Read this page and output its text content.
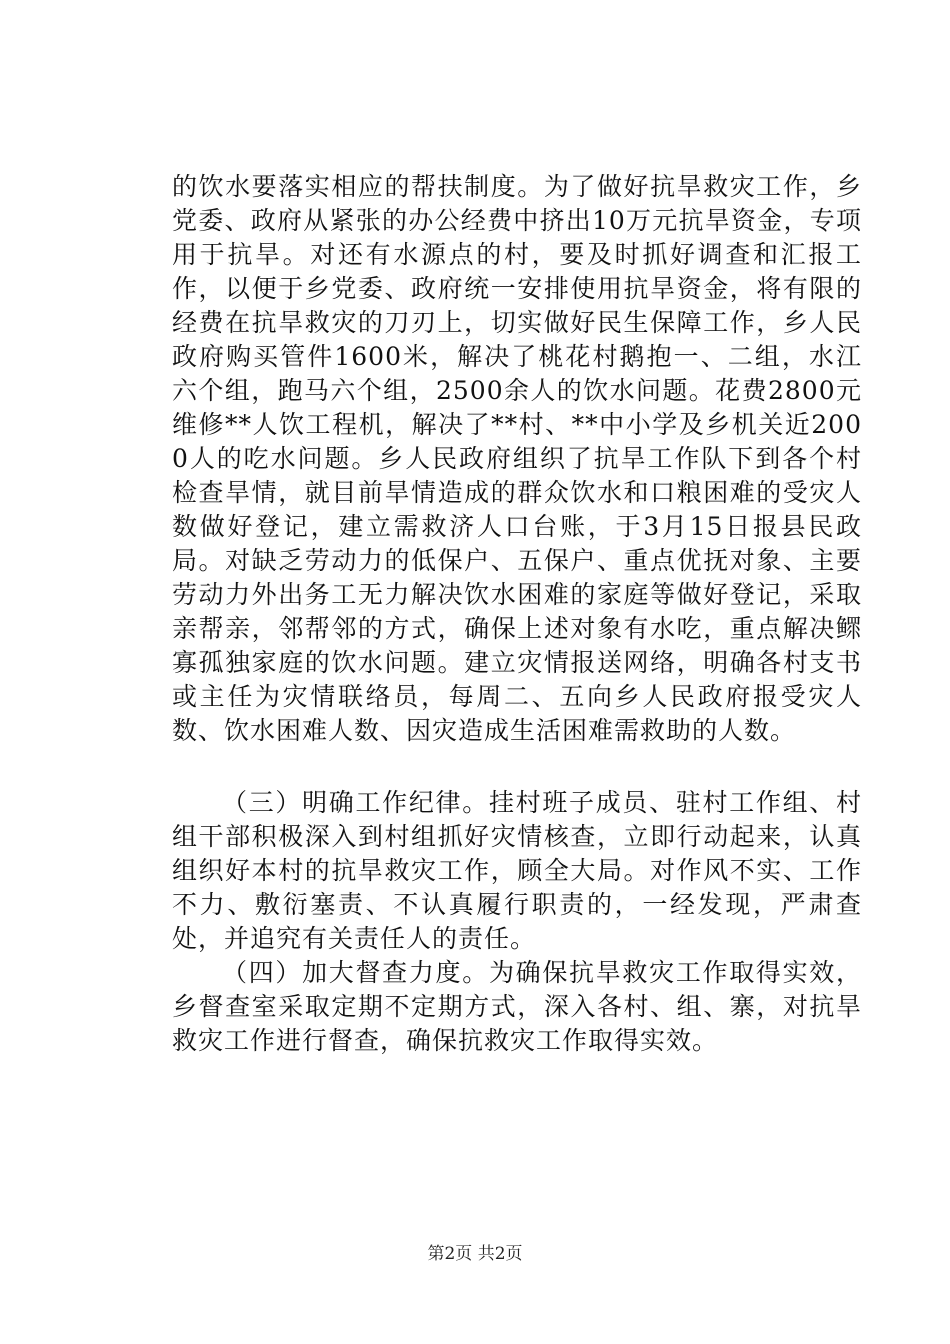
的饮水要落实相应的帮扶制度。为了做好抗旱救灾工作，乡党委、政府从紧张的办公经费中挤出10万元抗旱资金，专项用于抗旱。对还有水源点的村，要及时抓好调查和汇报工作，以便于乡党委、政府统一安排使用抗旱资金，将有限的经费在抗旱救灾的刀刃上，切实做好民生保障工作，乡人民政府购买管件1600米，解决了桃花村鹅抱一、二组，水江六个组，跑马六个组，2500余人的饮水问题。花费2800元维修**人饮工程机，解决了**村、**中小学及乡机关近2000人的吃水问题。乡人民政府组织了抗旱工作队下到各个村检查旱情，就目前旱情造成的群众饮水和口粮困难的受灾人数做好登记，建立需救济人口台账，于3月15日报县民政局。对缺乏劳动力的低保户、五保户、重点优抚对象、主要劳动力外出务工无力解决饮水困难的家庭等做好登记，采取亲帮亲，邻帮邻的方式，确保上述对象有水吃，重点解决鳏寡孤独家庭的饮水问题。建立灾情报送网络，明确各村支书或主任为灾情联络员，每周二、五向乡人民政府报受灾人数、饮水困难人数、因灾造成生活困难需救助的人数。

（三）明确工作纪律。挂村班子成员、驻村工作组、村组干部积极深入到村组抓好灾情核查，立即行动起来，认真组织好本村的抗旱救灾工作，顾全大局。对作风不实、工作不力、敷衍塞责、不认真履行职责的，一经发现，严肃查处，并追究有关责任人的责任。

（四）加大督查力度。为确保抗旱救灾工作取得实效，乡督查室采取定期不定期方式，深入各村、组、寨，对抗旱救灾工作进行督查，确保抗救灾工作取得实效。

第2页 共2页
